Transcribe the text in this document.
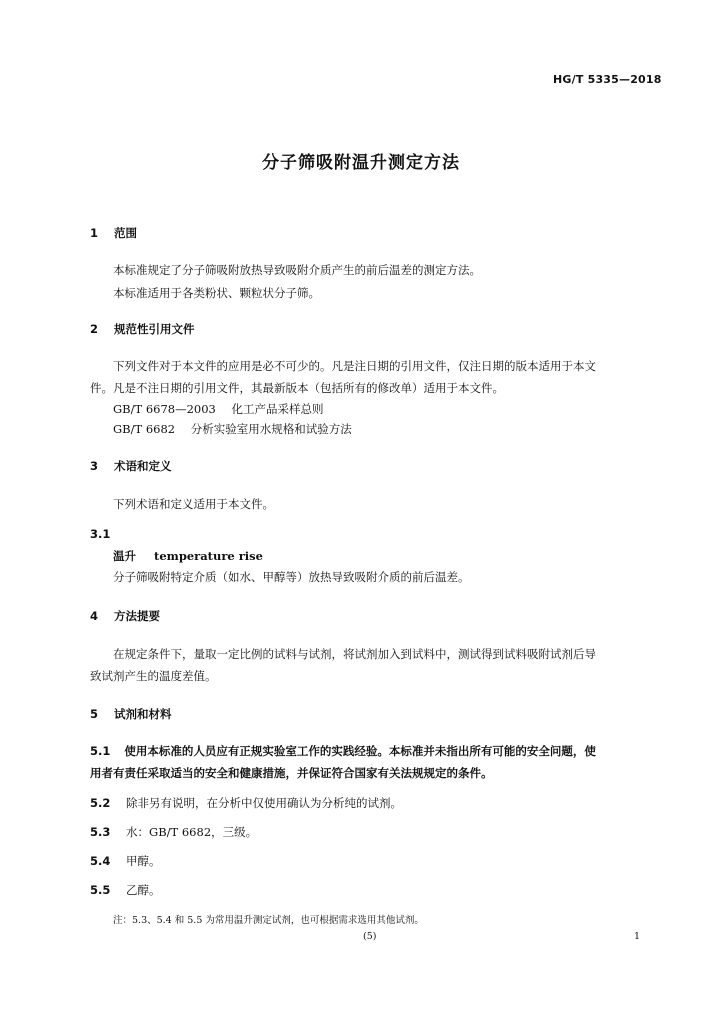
HG/T 5335—2018
分子筛吸附温升测定方法
1 范围
本标准规定了分子筛吸附放热导致吸附介质产生的前后温差的测定方法。
本标准适用于各类粉状、颗粒状分子筛。
2 规范性引用文件
下列文件对于本文件的应用是必不可少的。凡是注日期的引用文件，仅注日期的版本适用于本文
件。凡是不注日期的引用文件，其最新版本（包括所有的修改单）适用于本文件。
GB/T 6678—2003 化工产品采样总则
GB/T 6682 分析实验室用水规格和试验方法
3 术语和定义
下列术语和定义适用于本文件。
3.1
温升 temperature rise
分子筛吸附特定介质（如水、甲醇等）放热导致吸附介质的前后温差。
4 方法提要
在规定条件下，量取一定比例的试料与试剂，将试剂加入到试料中，测试得到试料吸附试剂后导
致试剂产生的温度差值。
5 试剂和材料
5.1 使用本标准的人员应有正规实验室工作的实践经验。本标准并未指出所有可能的安全问题，使
用者有责任采取适当的安全和健康措施，并保证符合国家有关法规规定的条件。
5.2 除非另有说明，在分析中仅使用确认为分析纯的试剂。
5.3 水：GB/T 6682，三级。
5.4 甲醇。
5.5 乙醇。
注：5.3、5.4 和 5.5 为常用温升测定试剂，也可根据需求选用其他试剂。
(5)	1
